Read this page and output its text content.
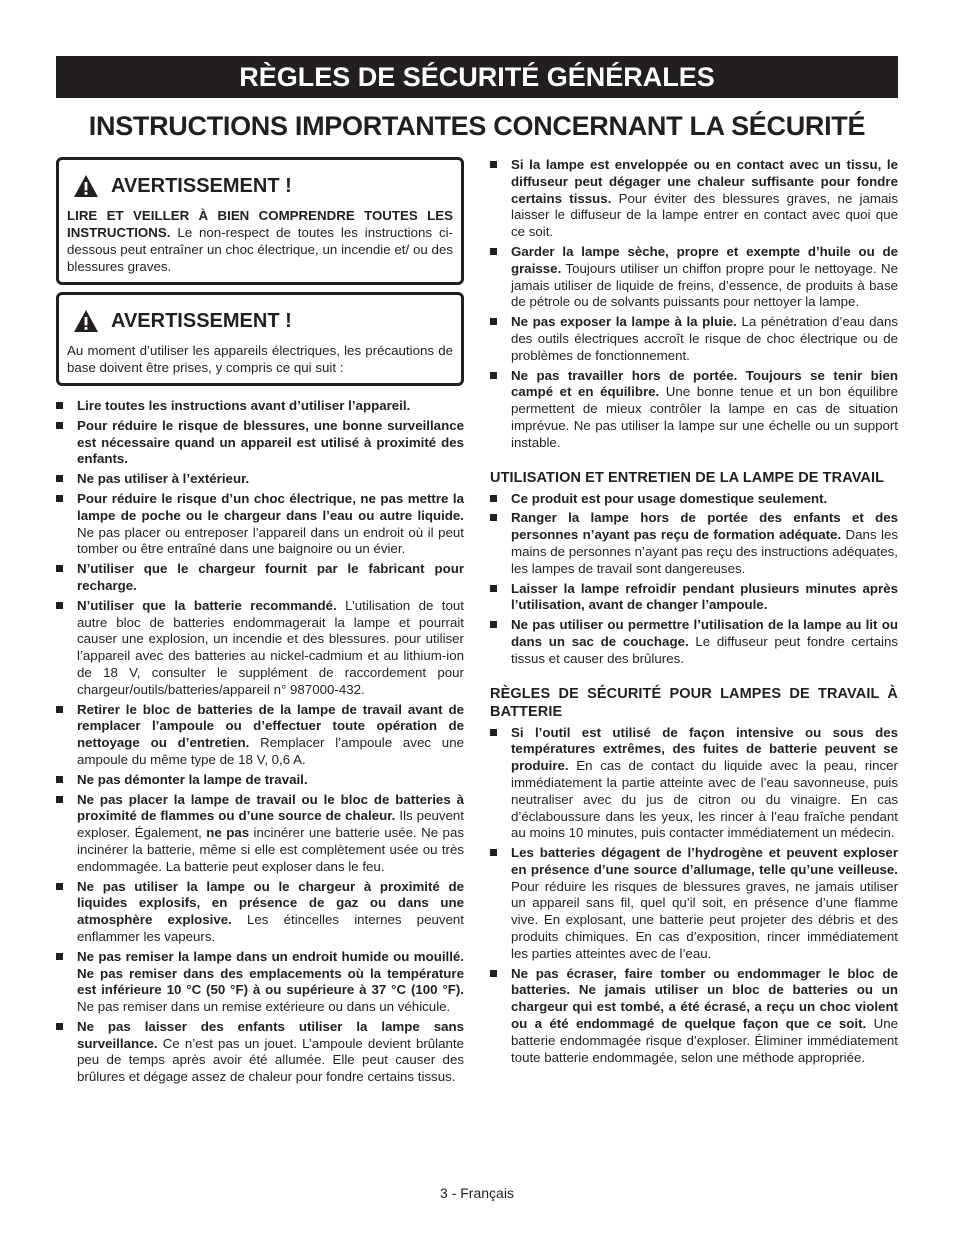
RÈGLES DE SÉCURITÉ GÉNÉRALES
INSTRUCTIONS IMPORTANTES CONCERNANT LA SÉCURITÉ
AVERTISSEMENT !
LIRE ET VEILLER À BIEN COMPRENDRE TOUTES LES INSTRUCTIONS. Le non-respect de toutes les instructions ci-dessous peut entraîner un choc électrique, un incendie et/ ou des blessures graves.
AVERTISSEMENT !
Au moment d’utiliser les appareils électriques, les précautions de base doivent être prises, y compris ce qui suit :
Lire toutes les instructions avant d’utiliser l’appareil.
Pour réduire le risque de blessures, une bonne surveillance est nécessaire quand un appareil est utilisé à proximité des enfants.
Ne pas utiliser à l’extérieur.
Pour réduire le risque d’un choc électrique, ne pas mettre la lampe de poche ou le chargeur dans l’eau ou autre liquide. Ne pas placer ou entreposer l’appareil dans un endroit où il peut tomber ou être entraîné dans une baignoire ou un évier.
N’utiliser que le chargeur fournit par le fabricant pour recharge.
N’utiliser que la batterie recommandé. L’utilisation de tout autre bloc de batteries endommagerait la lampe et pourrait causer une explosion, un incendie et des blessures. pour utiliser l’appareil avec des batteries au nickel-cadmium et au lithium-ion de 18 V, consulter le supplément de raccordement pour chargeur/outils/batteries/appareil n° 987000-432.
Retirer le bloc de batteries de la lampe de travail avant de remplacer l’ampoule ou d’effectuer toute opération de nettoyage ou d’entretien. Remplacer l’ampoule avec une ampoule du même type de 18 V, 0,6 A.
Ne pas démonter la lampe de travail.
Ne pas placer la lampe de travail ou le bloc de batteries à proximité de flammes ou d’une source de chaleur. Ils peuvent exploser. Également, ne pas incinérer une batterie usée. Ne pas incinérer la batterie, même si elle est complètement usée ou très endommagée. La batterie peut exploser dans le feu.
Ne pas utiliser la lampe ou le chargeur à proximité de liquides explosifs, en présence de gaz ou dans une atmosphère explosive. Les étincelles internes peuvent enflammer les vapeurs.
Ne pas remiser la lampe dans un endroit humide ou mouillé. Ne pas remiser dans des emplacements où la température est inférieure 10 °C (50 °F) à ou supérieure à 37 °C (100 °F). Ne pas remiser dans un remise extérieure ou dans un véhicule.
Ne pas laisser des enfants utiliser la lampe sans surveillance. Ce n’est pas un jouet. L’ampoule devient brûlante peu de temps après avoir été allumée. Elle peut causer des brûlures et dégage assez de chaleur pour fondre certains tissus.
Si la lampe est enveloppée ou en contact avec un tissu, le diffuseur peut dégager une chaleur suffisante pour fondre certains tissus. Pour éviter des blessures graves, ne jamais laisser le diffuseur de la lampe entrer en contact avec quoi que ce soit.
Garder la lampe sèche, propre et exempte d’huile ou de graisse. Toujours utiliser un chiffon propre pour le nettoyage. Ne jamais utiliser de liquide de freins, d’essence, de produits à base de pétrole ou de solvants puissants pour nettoyer la lampe.
Ne pas exposer la lampe à la pluie. La pénétration d’eau dans des outils électriques accroît le risque de choc électrique ou de problèmes de fonctionnement.
Ne pas travailler hors de portée. Toujours se tenir bien campé et en équilibre. Une bonne tenue et un bon équilibre permettent de mieux contrôler la lampe en cas de situation imprévue. Ne pas utiliser la lampe sur une échelle ou un support instable.
UTILISATION ET ENTRETIEN DE LA LAMPE DE TRAVAIL
Ce produit est pour usage domestique seulement.
Ranger la lampe hors de portée des enfants et des personnes n’ayant pas reçu de formation adéquate. Dans les mains de personnes n’ayant pas reçu des instructions adéquates, les lampes de travail sont dangereuses.
Laisser la lampe refroidir pendant plusieurs minutes après l’utilisation, avant de changer l’ampoule.
Ne pas utiliser ou permettre l’utilisation de la lampe au lit ou dans un sac de couchage. Le diffuseur peut fondre certains tissus et causer des brûlures.
RÈGLES DE SÉCURITÉ POUR LAMPES DE TRAVAIL À BATTERIE
Si l’outil est utilisé de façon intensive ou sous des températures extrêmes, des fuites de batterie peuvent se produire. En cas de contact du liquide avec la peau, rincer immédiatement la partie atteinte avec de l’eau savonneuse, puis neutraliser avec du jus de citron ou du vinaigre. En cas d’éclaboussure dans les yeux, les rincer à l’eau fraîche pendant au moins 10 minutes, puis contacter immédiatement un médecin.
Les batteries dégagent de l’hydrogène et peuvent exploser en présence d’une source d’allumage, telle qu’une veilleuse. Pour réduire les risques de blessures graves, ne jamais utiliser un appareil sans fil, quel qu’il soit, en présence d’une flamme vive. En explosant, une batterie peut projeter des débris et des produits chimiques. En cas d’exposition, rincer immédiatement les parties atteintes avec de l’eau.
Ne pas écraser, faire tomber ou endommager le bloc de batteries. Ne jamais utiliser un bloc de batteries ou un chargeur qui est tombé, a été écrasé, a reçu un choc violent ou a été endommagé de quelque façon que ce soit. Une batterie endommagée risque d’exploser. Éliminer immédiatement toute batterie endommagée, selon une méthode appropriée.
3 - Français
